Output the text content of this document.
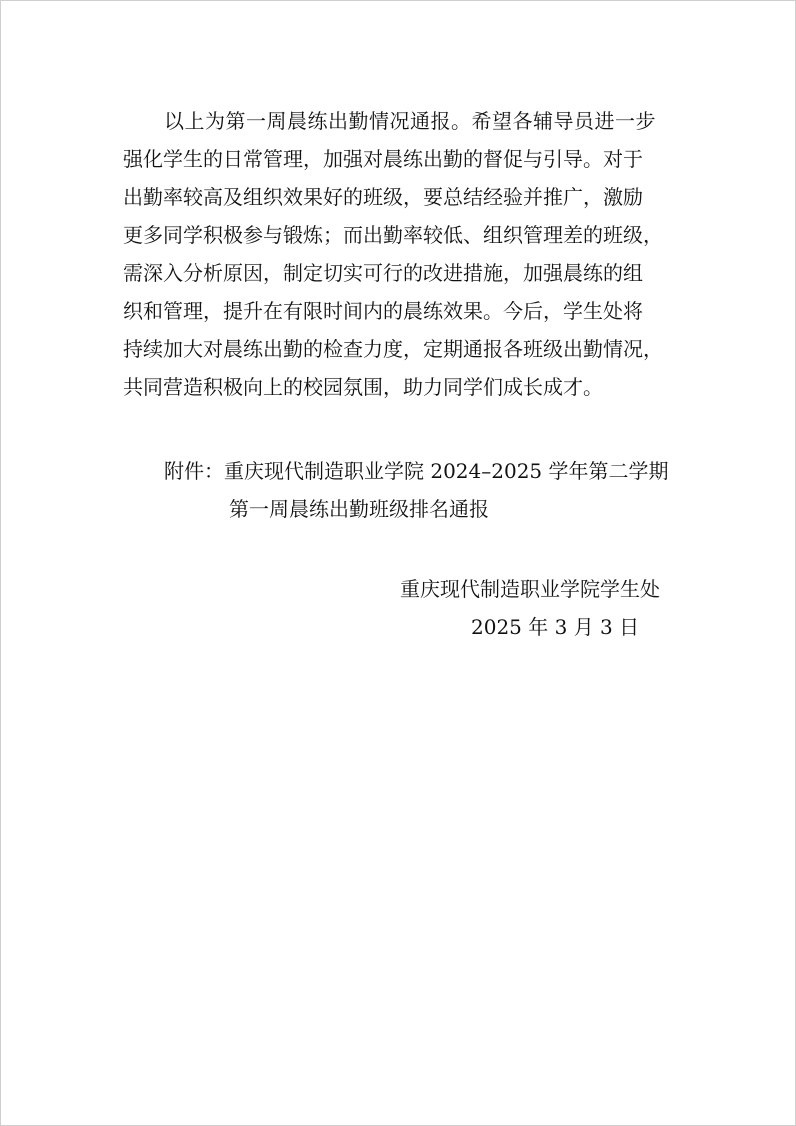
以上为第一周晨练出勤情况通报。希望各辅导员进一步
强化学生的日常管理，加强对晨练出勤的督促与引导。对于
出勤率较高及组织效果好的班级，要总结经验并推广，激励
更多同学积极参与锻炼；而出勤率较低、组织管理差的班级，
需深入分析原因，制定切实可行的改进措施，加强晨练的组
织和管理，提升在有限时间内的晨练效果。今后，学生处将
持续加大对晨练出勤的检查力度，定期通报各班级出勤情况，
共同营造积极向上的校园氛围，助力同学们成长成才。
附件：重庆现代制造职业学院 2024–2025 学年第二学期
第一周晨练出勤班级排名通报
重庆现代制造职业学院学生处
2025 年 3 月 3 日
